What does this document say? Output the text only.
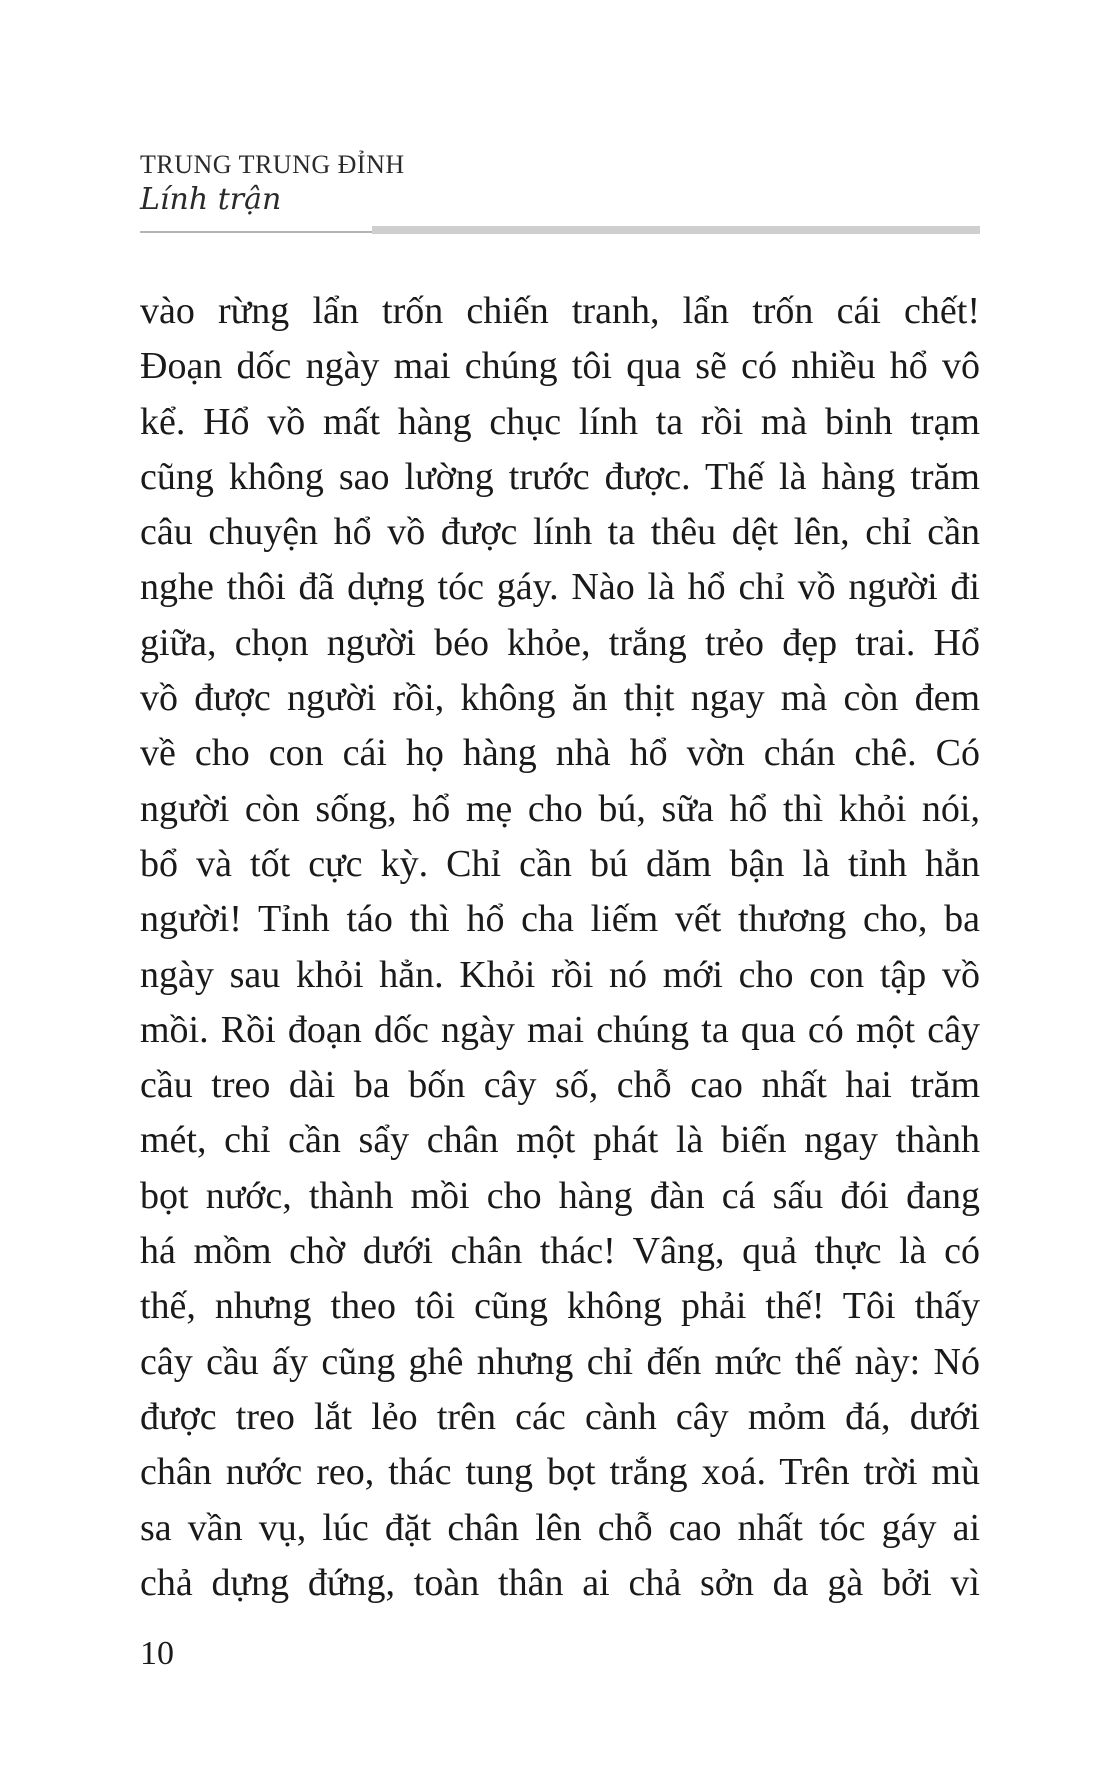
TRUNG TRUNG ĐỈNH
Lính trận
vào rừng lẩn trốn chiến tranh, lẩn trốn cái chết!
Đoạn dốc ngày mai chúng tôi qua sẽ có nhiều hổ vô
kể. Hổ vồ mất hàng chục lính ta rồi mà binh trạm
cũng không sao lường trước được. Thế là hàng trăm
câu chuyện hổ vồ được lính ta thêu dệt lên, chỉ cần
nghe thôi đã dựng tóc gáy. Nào là hổ chỉ vồ người đi
giữa, chọn người béo khỏe, trắng trẻo đẹp trai. Hổ
vồ được người rồi, không ăn thịt ngay mà còn đem
về cho con cái họ hàng nhà hổ vờn chán chê. Có
người còn sống, hổ mẹ cho bú, sữa hổ thì khỏi nói,
bổ và tốt cực kỳ. Chỉ cần bú dăm bận là tỉnh hẳn
người! Tỉnh táo thì hổ cha liếm vết thương cho, ba
ngày sau khỏi hẳn. Khỏi rồi nó mới cho con tập vồ
mồi. Rồi đoạn dốc ngày mai chúng ta qua có một cây
cầu treo dài ba bốn cây số, chỗ cao nhất hai trăm
mét, chỉ cần sẩy chân một phát là biến ngay thành
bọt nước, thành mồi cho hàng đàn cá sấu đói đang
há mồm chờ dưới chân thác! Vâng, quả thực là có
thế, nhưng theo tôi cũng không phải thế! Tôi thấy
cây cầu ấy cũng ghê nhưng chỉ đến mức thế này: Nó
được treo lắt lẻo trên các cành cây mỏm đá, dưới
chân nước reo, thác tung bọt trắng xoá. Trên trời mù
sa vần vụ, lúc đặt chân lên chỗ cao nhất tóc gáy ai
chả dựng đứng, toàn thân ai chả sởn da gà bởi vì
10
